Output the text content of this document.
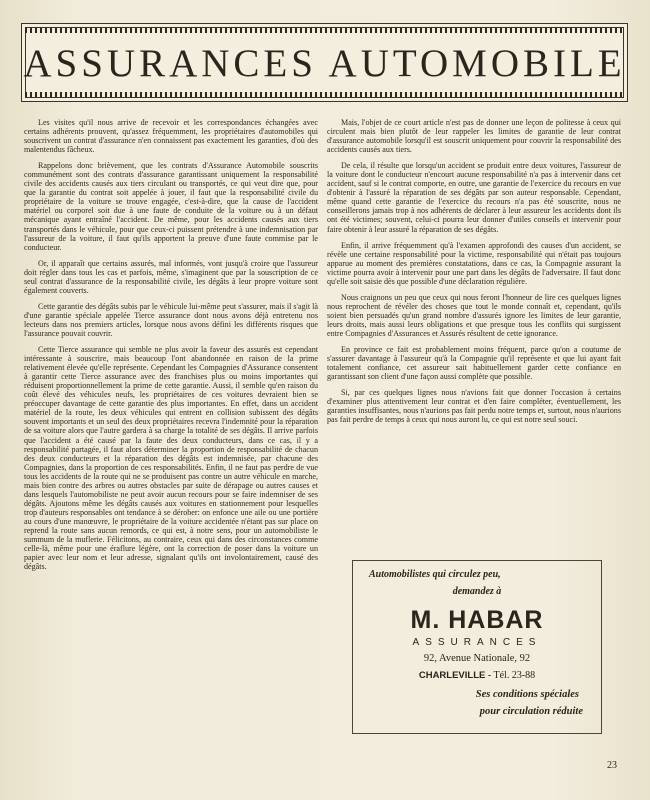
ASSURANCES AUTOMOBILE

Les visites qu'il nous arrive de recevoir et les correspondances échangées avec certains adhérents prouvent, qu'assez fréquemment, les propriétaires d'automobiles qui souscrivent un contrat d'assurance n'en connaissent pas exactement les garanties, d'où des malentendus fâcheux.

Rappelons donc brièvement, que les contrats d'Assurance Automobile souscrits communément sont des contrats d'assurance garantissant uniquement la responsabilité civile des accidents causés aux tiers circulant ou transportés, ce qui veut dire que, pour que la garantie du contrat soit appelée à jouer, il faut que la responsabilité civile du propriétaire de la voiture se trouve engagée, c'est-à-dire, que la cause de l'accident matériel ou corporel soit due à une faute de conduite de la voiture ou à un défaut mécanique ayant entraîné l'accident. De même, pour les accidents causés aux tiers transportés dans le véhicule, pour que ceux-ci puissent prétendre à une indemnisation par l'assureur de la voiture, il faut qu'ils apportent la preuve d'une faute commise par le conducteur.

Or, il apparaît que certains assurés, mal informés, vont jusqu'à croire que l'assureur doit régler dans tous les cas et parfois, même, s'imaginent que par la souscription de ce seul contrat d'assurance de la responsabilité civile, les dégâts à leur propre voiture sont également couverts.

Cette garantie des dégâts subis par le véhicule lui-même peut s'assurer, mais il s'agit là d'une garantie spéciale appelée Tierce assurance dont nous avons déjà entretenu nos lecteurs dans nos premiers articles, lorsque nous avons défini les différents risques que l'assurance pouvait couvrir.

Cette Tierce assurance qui semble ne plus avoir la faveur des assurés est cependant intéressante à souscrire, mais beaucoup l'ont abandonnée en raison de la prime relativement élevée qu'elle représente. Cependant les Compagnies d'Assurance consentent à garantir cette Tierce assurance avec des franchises plus ou moins importantes qui réduisent proportionnellement la prime de cette garantie. Aussi, il semble qu'en raison du coût élevé des véhicules neufs, les propriétaires de ces voitures devraient bien se préoccuper davantage de cette garantie des plus importantes. En effet, dans un accident matériel de la route, les deux véhicules qui entrent en collision subissent des dégâts souvent importants et un seul des deux propriétaires recevra l'indemnité pour la réparation de sa voiture alors que l'autre gardera à sa charge la totalité de ses dégâts. Il arrive parfois que l'accident a été causé par la faute des deux conducteurs, dans ce cas, il y a responsabilité partagée, il faut alors déterminer la proportion de responsabilité de chacun des deux conducteurs et la réparation des dégâts est indemnisée, par chacune des Compagnies, dans la proportion de ces responsabilités. Enfin, il ne faut pas perdre de vue tous les accidents de la route qui ne se produisent pas contre un autre véhicule en marche, mais bien contre des arbres ou autres obstacles par suite de dérapage ou autres causes et dans lesquels l'automobiliste ne peut avoir aucun recours pour se faire indemniser de ses dégâts. Ajoutons même les dégâts causés aux voitures en stationnement pour lesquelles trop d'auteurs responsables ont tendance à se dérober: on enfonce une aile ou une portière au cours d'une manœuvre, le propriétaire de la voiture accidentée n'étant pas sur place on reprend la route sans aucun remords, ce qui est, à notre sens, pour un automobiliste le summum de la muflerie. Félicitons, au contraire, ceux qui dans des circonstances comme celle-là, même pour une éraflure légère, ont la correction de poser dans la voiture un papier avec leur nom et leur adresse, signalant qu'ils ont involontairement, causé des dégâts.

Mais, l'objet de ce court article n'est pas de donner une leçon de politesse à ceux qui circulent mais bien plutôt de leur rappeler les limites de garantie de leur contrat d'assurance automobile lorsqu'il est souscrit uniquement pour couvrir la responsabilité des accidents causés aux tiers.

De cela, il résulte que lorsqu'un accident se produit entre deux voitures, l'assureur de la voiture dont le conducteur n'encourt aucune responsabilité n'a pas à intervenir dans cet accident, sauf si le contrat comporte, en outre, une garantie de l'exercice du recours en vue d'obtenir à l'assuré la réparation de ses dégâts par son auteur responsable. Cependant, même quand cette garantie de l'exercice du recours n'a pas été souscrite, nous ne conseillerons jamais trop à nos adhérents de déclarer à leur assureur les accidents dont ils ont été victimes; souvent, celui-ci pourra leur donner d'utiles conseils et intervenir pour faire obtenir à leur assuré la réparation de ses dégâts.

Enfin, il arrive fréquemment qu'à l'examen approfondi des causes d'un accident, se révèle une certaine responsabilité pour la victime, responsabilité qui n'était pas toujours apparue au moment des premières constatations, dans ce cas, la Compagnie assurant la victime pourra avoir à intervenir pour une part dans les dégâts de l'adversaire. Il faut donc qu'elle soit saisie dès que possible d'une déclaration régulière.

Nous craignons un peu que ceux qui nous feront l'honneur de lire ces quelques lignes nous reprochent de révéler des choses que tout le monde connaît et, cependant, qu'ils soient bien persuadés qu'un grand nombre d'assurés ignore les limites de leur garantie, leurs droits, mais aussi leurs obligations et que presque tous les conflits qui surgissent entre Compagnies d'Assurances et Assurés résultent de cette ignorance.

En province ce fait est probablement moins fréquent, parce qu'on a coutume de s'assurer davantage à l'assureur qu'à la Compagnie qu'il représente et que lui ayant fait totalement confiance, cet assureur sait habituellement garder cette confiance en garantissant son client d'une façon aussi complète que possible.

Si, par ces quelques lignes nous n'avions fait que donner l'occasion à certains d'examiner plus attentivement leur contrat et d'en faire compléter, éventuellement, les garanties insuffisantes, nous n'aurions pas fait perdu notre temps et, surtout, nous n'aurions pas fait perdre de temps à ceux qui nous auront lu, ce qui est notre seul souci.

Automobilistes qui circulez peu,
demandez à
M. HABAR
ASSURANCES
92, Avenue Nationale, 92
CHARLEVILLE - Tél. 23-88
Ses conditions spéciales
pour circulation réduite
23
